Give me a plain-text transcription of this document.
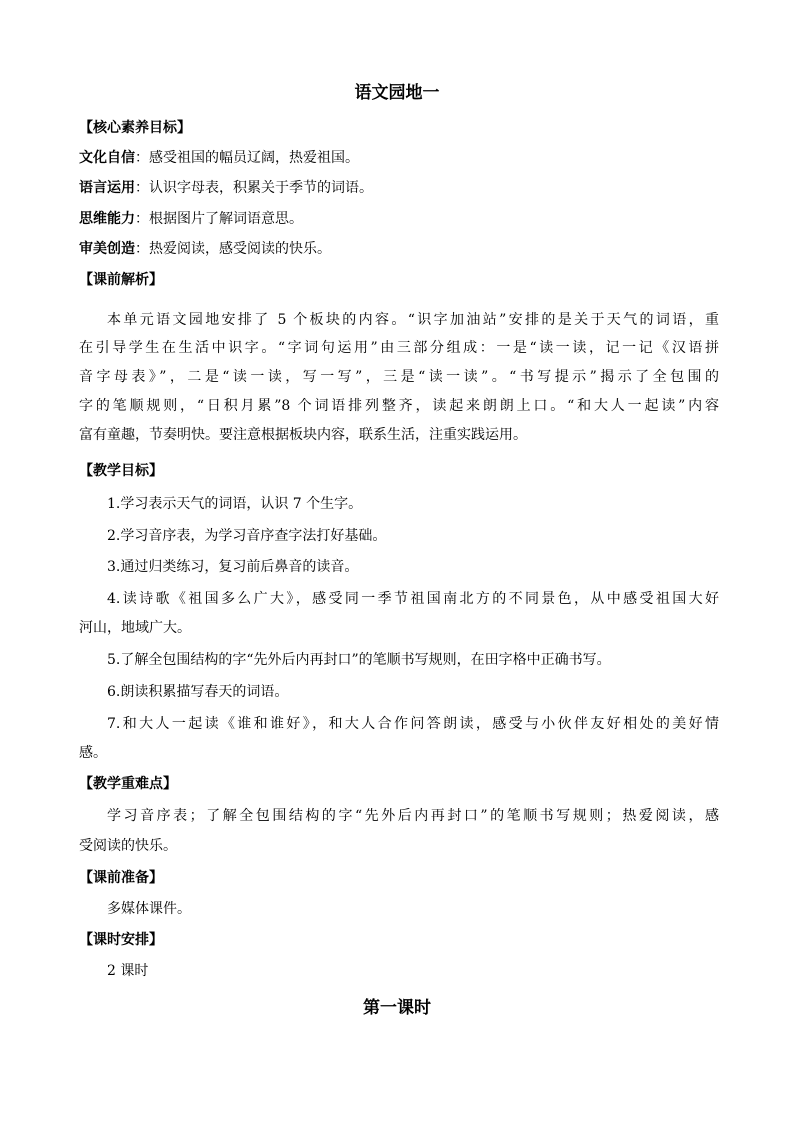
语文园地一
【核心素养目标】
文化自信：感受祖国的幅员辽阔，热爱祖国。
语言运用：认识字母表，积累关于季节的词语。
思维能力：根据图片了解词语意思。
审美创造：热爱阅读，感受阅读的快乐。
【课前解析】
本单元语文园地安排了 5 个板块的内容。“识字加油站”安排的是关于天气的词语，重
在引导学生在生活中识字。“字词句运用”由三部分组成：一是“读一读，记一记《汉语拼
音字母表》”，二是“读一读，写一写”，三是“读一读”。“书写提示”揭示了全包围的
字的笔顺规则，“日积月累”8 个词语排列整齐，读起来朗朗上口。“和大人一起读”内容
富有童趣，节奏明快。要注意根据板块内容，联系生活，注重实践运用。
【教学目标】
1.学习表示天气的词语，认识 7 个生字。
2.学习音序表，为学习音序查字法打好基础。
3.通过归类练习，复习前后鼻音的读音。
4.读诗歌《祖国多么广大》，感受同一季节祖国南北方的不同景色，从中感受祖国大好
河山，地域广大。
5.了解全包围结构的字“先外后内再封口”的笔顺书写规则，在田字格中正确书写。
6.朗读积累描写春天的词语。
7.和大人一起读《谁和谁好》，和大人合作问答朗读，感受与小伙伴友好相处的美好情
感。
【教学重难点】
学习音序表；了解全包围结构的字“先外后内再封口”的笔顺书写规则；热爱阅读，感
受阅读的快乐。
【课前准备】
多媒体课件。
【课时安排】
2 课时
第一课时
